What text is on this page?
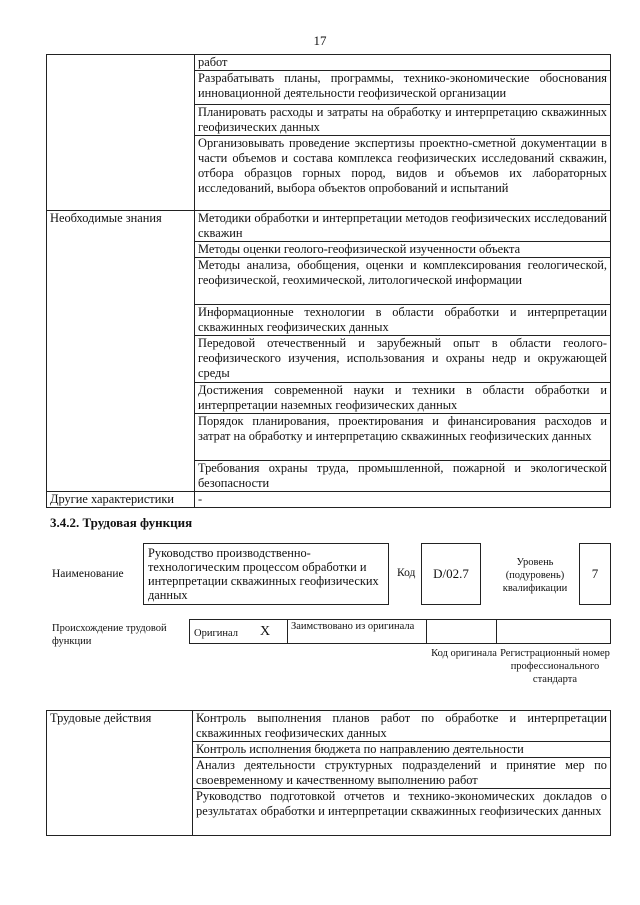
17
	работ
	Разрабатывать планы, программы, технико-экономические обоснования инновационной деятельности геофизической организации
	Планировать расходы и затраты на обработку и интерпретацию скважинных геофизических данных
	Организовывать проведение экспертизы проектно-сметной документации в части объемов и состава комплекса геофизических исследований скважин, отбора образцов горных пород, видов и объемов их лабораторных исследований, выбора объектов опробований и испытаний
Необходимые знания	Методики обработки и интерпретации методов геофизических исследований скважин
	Методы оценки геолого-геофизической изученности объекта
	Методы анализа, обобщения, оценки и комплексирования геологической, геофизической, геохимической, литологической информации
	Информационные технологии в области обработки и интерпретации скважинных геофизических данных
	Передовой отечественный и зарубежный опыт в области геолого-геофизического изучения, использования и охраны недр и окружающей среды
	Достижения современной науки и техники в области обработки и интерпретации наземных геофизических данных
	Порядок планирования, проектирования и финансирования расходов и затрат на обработку и интерпретацию скважинных геофизических данных
	Требования охраны труда, промышленной, пожарной и экологической безопасности
Другие характеристики	-
3.4.2. Трудовая функция
Наименование
Руководство производственно-технологическим процессом обработки и интерпретации скважинных геофизических данных
Код	D/02.7
Уровень (подуровень) квалификации
7
Происхождение трудовой функции
Оригинал X Заимствовано из оригинала
Код оригинала Регистрационный номер профессионального стандарта
Трудовые действия	Контроль выполнения планов работ по обработке и интерпретации скважинных геофизических данных
Контроль исполнения бюджета по направлению деятельности
Анализ деятельности структурных подразделений и принятие мер по своевременному и качественному выполнению работ
Руководство подготовкой отчетов и технико-экономических докладов о результатах обработки и интерпретации скважинных геофизических данных
